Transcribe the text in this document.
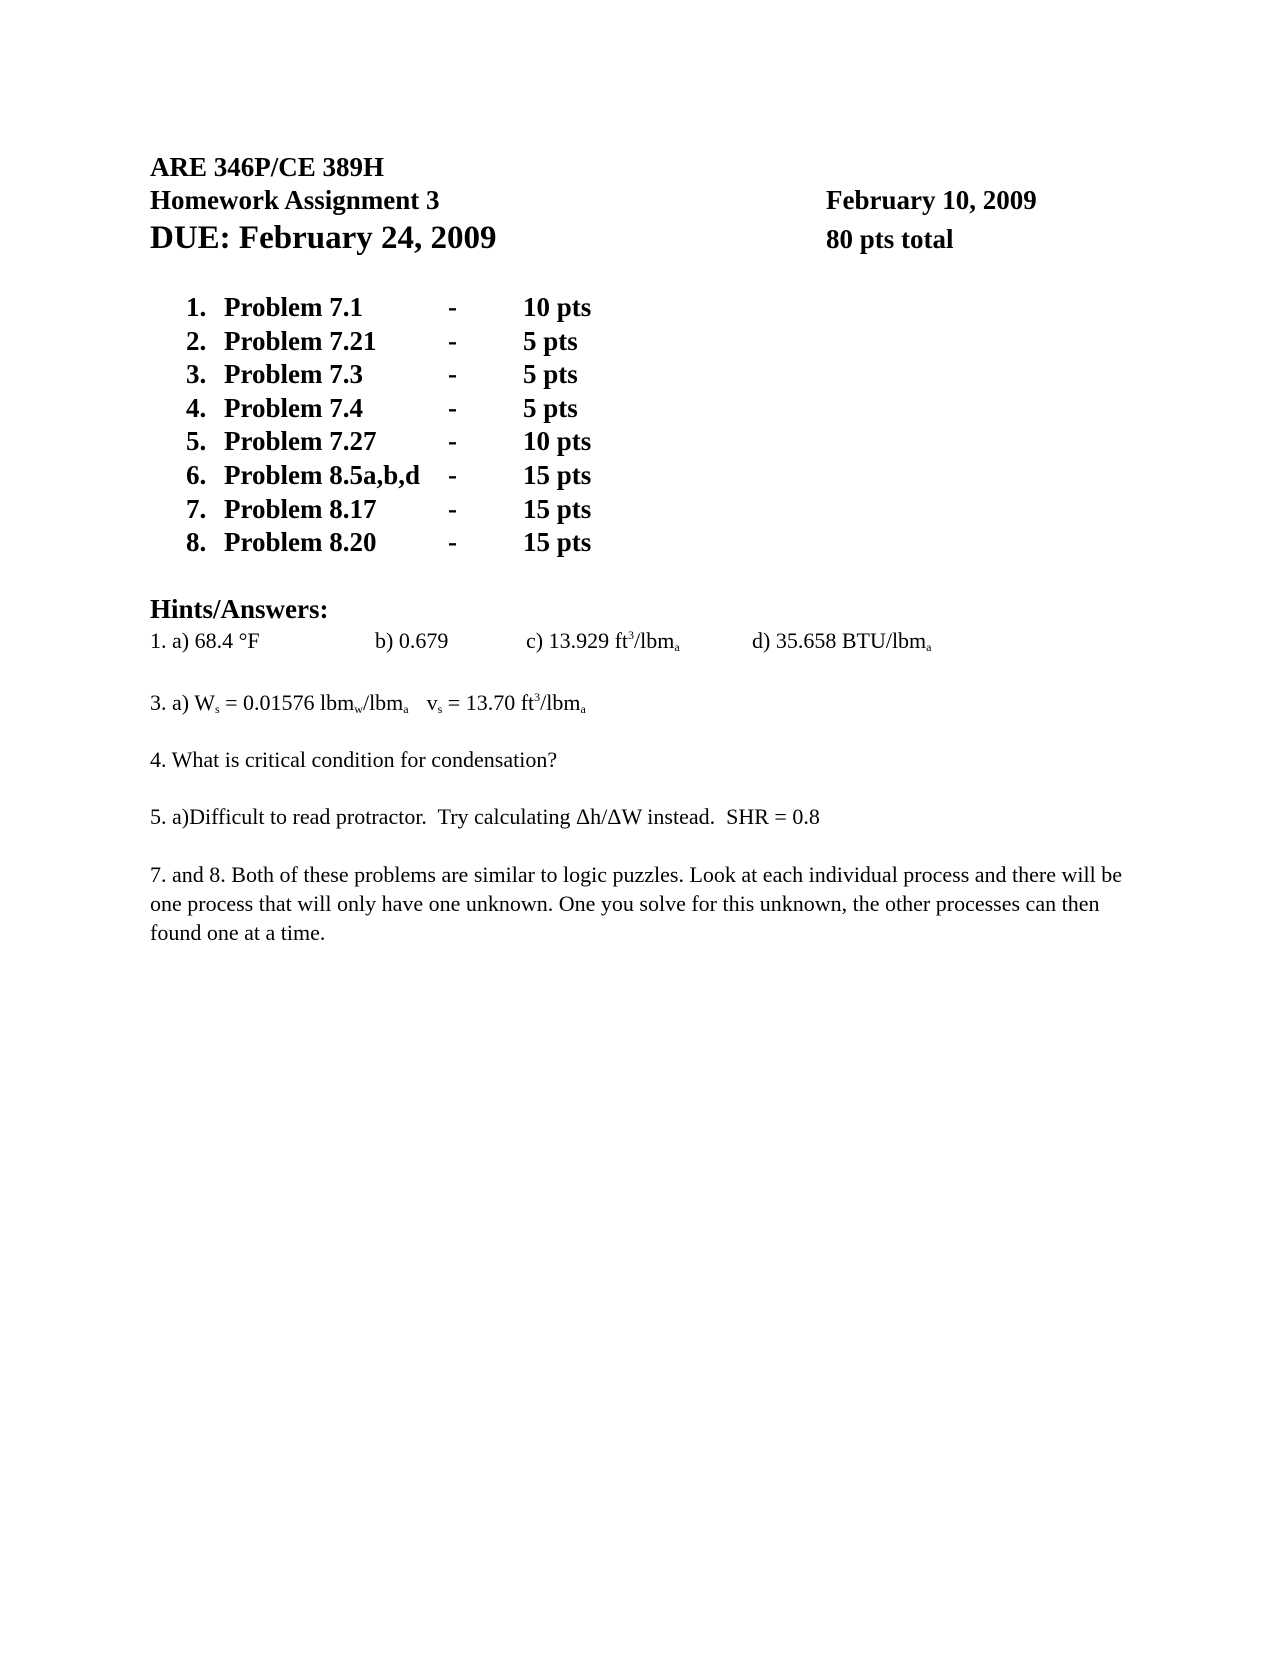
ARE 346P/CE 389H
Homework Assignment 3	February 10, 2009
DUE: February 24, 2009	80 pts total
1. Problem 7.1	- 10 pts
2. Problem 7.21	- 5 pts
3. Problem 7.3	- 5 pts
4. Problem 7.4	- 5 pts
5. Problem 7.27	- 10 pts
6. Problem 8.5a,b,d - 15 pts
7. Problem 8.17	- 15 pts
8. Problem 8.20	- 15 pts
Hints/Answers:
1. a) 68.4 °F	b) 0.679	c) 13.929 $ft^3/lbm_a$	d) 35.658 BTU/lbm$_a$
3. a) $W_s = 0.01576$ lbm$_w$/lbm$_a$ $v_s = 13.70$ $ft^3/lbm_a$
4. What is critical condition for condensation?
5. a)Difficult to read protractor.  Try calculating Δh/ΔW instead.  SHR = 0.8
7. and 8. Both of these problems are similar to logic puzzles. Look at each individual process and there will be one process that will only have one unknown. One you solve for this unknown, the other processes can then found one at a time.
